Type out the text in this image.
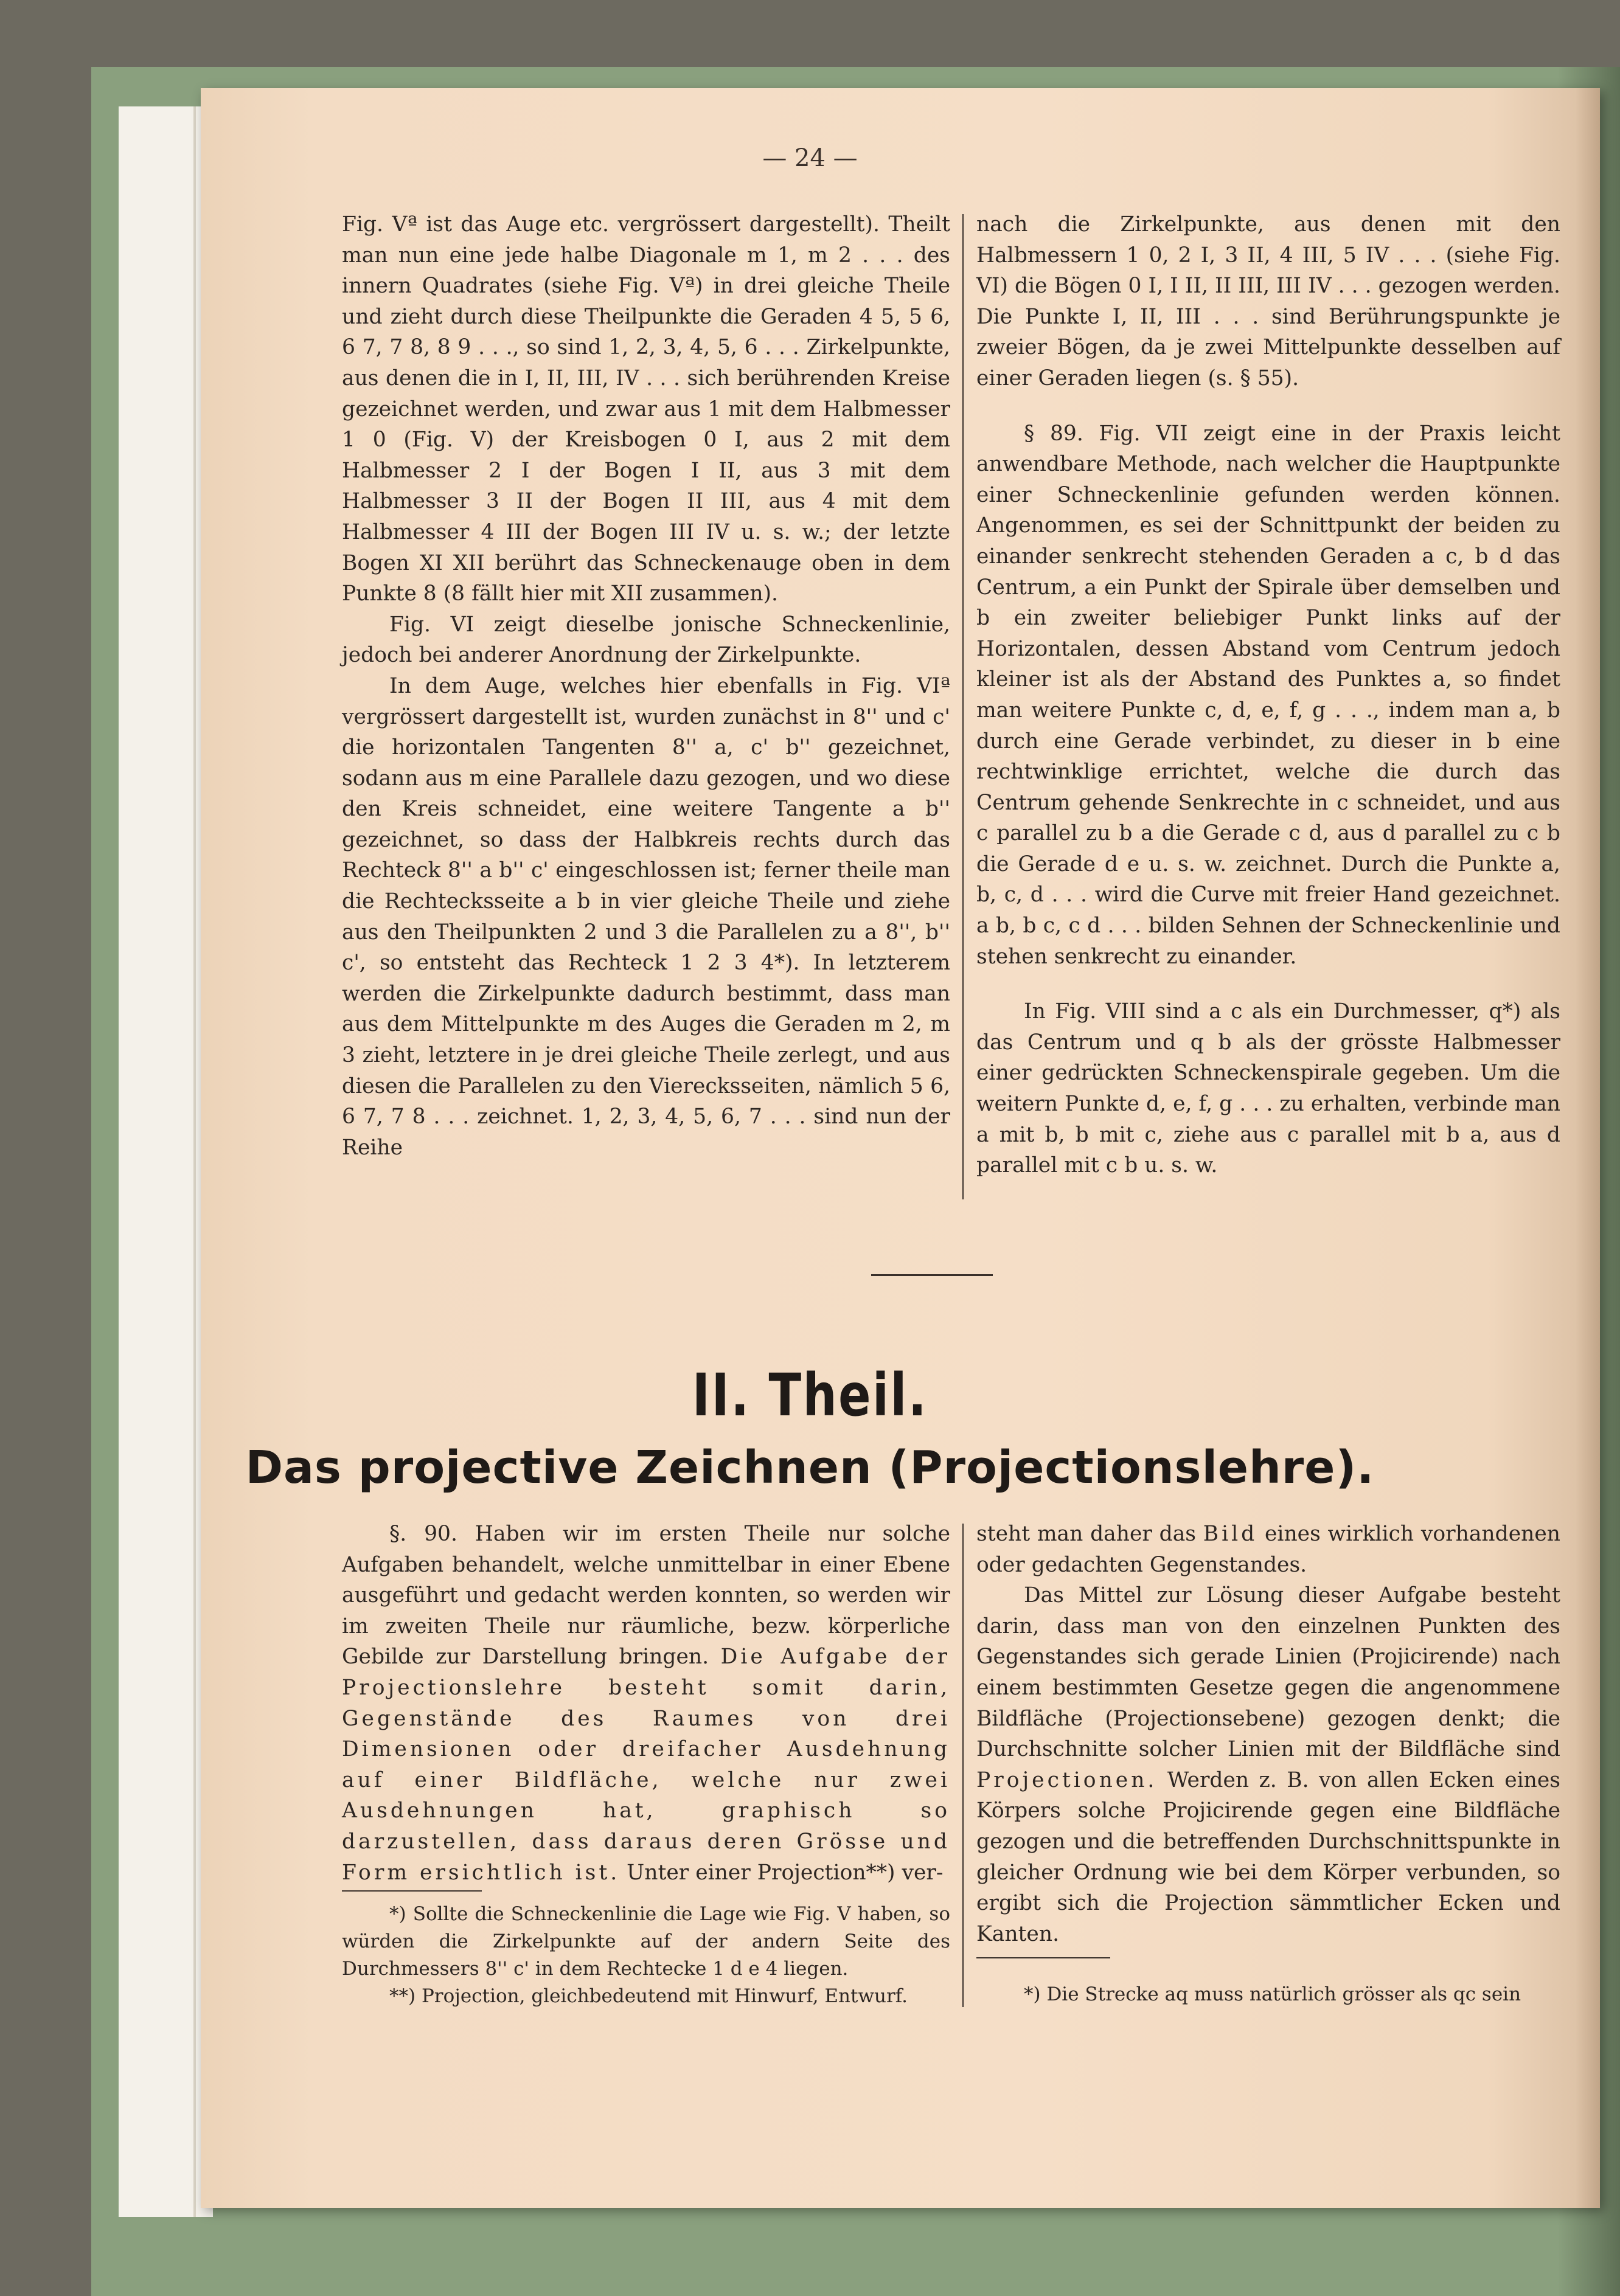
— 24 —

Fig. Vª ist das Auge etc. vergrössert dargestellt). Theilt man nun eine jede halbe Diagonale m 1, m 2 . . . des innern Quadrates (siehe Fig. Vª) in drei gleiche Theile und zieht durch diese Theilpunkte die Geraden 4 5, 5 6, 6 7, 7 8, 8 9 . . ., so sind 1, 2, 3, 4, 5, 6 . . . Zirkelpunkte, aus denen die in I, II, III, IV . . . sich berührenden Kreise gezeichnet werden, und zwar aus 1 mit dem Halbmesser 1 0 (Fig. V) der Kreisbogen 0 I, aus 2 mit dem Halbmesser 2 I der Bogen I II, aus 3 mit dem Halbmesser 3 II der Bogen II III, aus 4 mit dem Halbmesser 4 III der Bogen III IV u. s. w.; der letzte Bogen XI XII berührt das Schneckenauge oben in dem Punkte 8 (8 fällt hier mit XII zusammen).

Fig. VI zeigt dieselbe jonische Schneckenlinie, jedoch bei anderer Anordnung der Zirkelpunkte.

In dem Auge, welches hier ebenfalls in Fig. VIª vergrössert dargestellt ist, wurden zunächst in 8'' und c' die horizontalen Tangenten 8'' a, c' b'' gezeichnet, sodann aus m eine Parallele dazu gezogen, und wo diese den Kreis schneidet, eine weitere Tangente a b'' gezeichnet, so dass der Halbkreis rechts durch das Rechteck 8'' a b'' c' eingeschlossen ist; ferner theile man die Rechtecksseite a b in vier gleiche Theile und ziehe aus den Theilpunkten 2 und 3 die Parallelen zu a 8'', b'' c', so entsteht das Rechteck 1 2 3 4*). In letzterem werden die Zirkelpunkte dadurch bestimmt, dass man aus dem Mittelpunkte m des Auges die Geraden m 2, m 3 zieht, letztere in je drei gleiche Theile zerlegt, und aus diesen die Parallelen zu den Vierecksseiten, nämlich 5 6, 6 7, 7 8 . . . zeichnet. 1, 2, 3, 4, 5, 6, 7 . . . sind nun der Reihe

nach die Zirkelpunkte, aus denen mit den Halbmessern 1 0, 2 I, 3 II, 4 III, 5 IV . . . (siehe Fig. VI) die Bögen 0 I, I II, II III, III IV . . . gezogen werden. Die Punkte I, II, III . . . sind Berührungspunkte je zweier Bögen, da je zwei Mittelpunkte desselben auf einer Geraden liegen (s. § 55).

§ 89. Fig. VII zeigt eine in der Praxis leicht anwendbare Methode, nach welcher die Hauptpunkte einer Schneckenlinie gefunden werden können. Angenommen, es sei der Schnittpunkt der beiden zu einander senkrecht stehenden Geraden a c, b d das Centrum, a ein Punkt der Spirale über demselben und b ein zweiter beliebiger Punkt links auf der Horizontalen, dessen Abstand vom Centrum jedoch kleiner ist als der Abstand des Punktes a, so findet man weitere Punkte c, d, e, f, g . . ., indem man a, b durch eine Gerade verbindet, zu dieser in b eine rechtwinklige errichtet, welche die durch das Centrum gehende Senkrechte in c schneidet, und aus c parallel zu b a die Gerade c d, aus d parallel zu c b die Gerade d e u. s. w. zeichnet. Durch die Punkte a, b, c, d . . . wird die Curve mit freier Hand gezeichnet. a b, b c, c d . . . bilden Sehnen der Schneckenlinie und stehen senkrecht zu einander.

In Fig. VIII sind a c als ein Durchmesser, q*) als das Centrum und q b als der grösste Halbmesser einer gedrückten Schneckenspirale gegeben. Um die weitern Punkte d, e, f, g . . . zu erhalten, verbinde man a mit b, b mit c, ziehe aus c parallel mit b a, aus d parallel mit c b u. s. w.

II. Theil.
Das projective Zeichnen (Projectionslehre).

§. 90. Haben wir im ersten Theile nur solche Aufgaben behandelt, welche unmittelbar in einer Ebene ausgeführt und gedacht werden konnten, so werden wir im zweiten Theile nur räumliche, bezw. körperliche Gebilde zur Darstellung bringen. Die Aufgabe der Projectionslehre besteht somit darin, Gegenstände des Raumes von drei Dimensionen oder dreifacher Ausdehnung auf einer Bildfläche, welche nur zwei Ausdehnungen hat, graphisch so darzustellen, dass daraus deren Grösse und Form ersichtlich ist. Unter einer Projection**) ver-

steht man daher das Bild eines wirklich vorhandenen oder gedachten Gegenstandes.

Das Mittel zur Lösung dieser Aufgabe besteht darin, dass man von den einzelnen Punkten des Gegenstandes sich gerade Linien (Projicirende) nach einem bestimmten Gesetze gegen die angenommene Bildfläche (Projectionsebene) gezogen denkt; die Durchschnitte solcher Linien mit der Bildfläche sind Projectionen. Werden z. B. von allen Ecken eines Körpers solche Projicirende gegen eine Bildfläche gezogen und die betreffenden Durchschnittspunkte in gleicher Ordnung wie bei dem Körper verbunden, so ergibt sich die Projection sämmtlicher Ecken und Kanten.

*) Sollte die Schneckenlinie die Lage wie Fig. V haben, so würden die Zirkelpunkte auf der andern Seite des Durchmessers 8'' c' in dem Rechtecke 1 d e 4 liegen.

**) Projection, gleichbedeutend mit Hinwurf, Entwurf.	*) Die Strecke aq muss natürlich grösser als qc sein
